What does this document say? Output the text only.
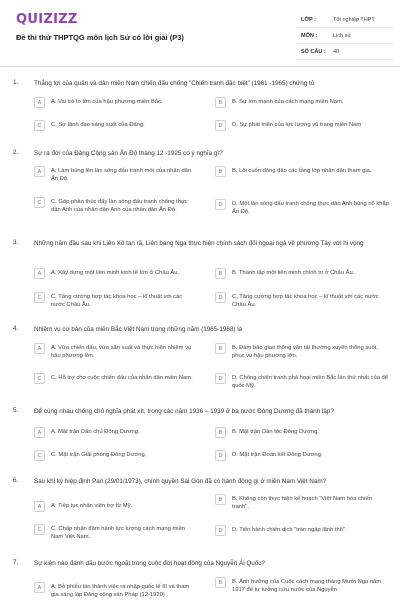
QUIZIZZ
Đề thi thử THPTQG môn lịch Sử có lời giải (P3)
LỚP :	Tốt nghiệp THPT
MÔN :	Lịch sử
SỐ CÂU :	40
1. Thắng lợi của quân và dân miền Nam chiến đấu chống "Chiến tranh đặc biệt" (1961 -1965) chứng tỏ
A	A. Vai trò to lớn của hậu phương miền Bắc.	B	B. Sự lớn mạnh của cách mạng miền Nam.
C	C. Sự lãnh đạo sáng suốt của Đảng.	D	D. Sự phát triển của lực lượng vũ trang miền Nam
2. Sự ra đời của Đảng Cộng sản Ấn Độ tháng 12 -1925 có ý nghĩa gì?
A	A. Làm bùng lên làn sóng đấu tranh mới của nhân dân Ấn Độ.
B	B. Lôi cuốn đông đảo các tầng lớp nhân dân tham gia.
C	C. Góp phần thúc đẩy làn sóng đấu tranh chống thực dân Anh của nhân dân Anh của nhân dân Ấn Độ.
D	D. Một làn sóng đấu tranh chống thực dân Anh bùng nổ khắp Ấn Độ.
3. Những năm đầu sau khi Liên Xô tan rã, Liên bang Nga thực hiện chính sách đối ngoại ngả về phương Tây với hi vọng
A	A. Xây dựng một liên minh kinh tế lớn ở Châu Âu.	B	B. Thành lập một liên minh chính trị ở Châu Âu.
C	C. Tăng cường hợp tác khoa học – kĩ thuật với các nước Châu Âu.
D	C. Tăng cường hợp tác khoa học – kĩ thuật với các nước Châu Âu.
4. Nhiệm vụ cơ bản của miền Bắc Việt Nam trong những năm (1965-1968) là
A	A. Vừa chiến đấu, vừa sản xuất và thực hiện nhiệm vụ hậu phương lớn.
B	B. Đảm bảo giao thông vận tải thường xuyên thông suốt, phục vụ hậu phương lớn.
C	C. Hỗ trợ cho cuộc chiến đấu của nhân dân miền Nam.	D	D. Chống chiến tranh phá hoại miền Bắc lần thứ nhất của để quốc Mỹ.
5. Để cùng nhau chống chủ nghĩa phát xít, trong các năm 1936 – 1939 ở ba nước Đông Dương đã thành lập?
A	A. Mặt trận Dân chủ Đông Dương.	B	B. Mặt trận Dân tộc Đông Dương.
C	C. Mặt trận Giải phóng Đông Dương.	D	D. Mặt trận Đoàn kết Đông Dương.
6. Sau khi ký hiệp định Pari (29/01/1973), chính quyền Sài Gòn đã có hành động gì ở miền Nam Việt Nam?
A	A. Tiếp tục nhận viện trợ từ Mỹ.
B	B. Không còn thực hiện kế hoạch "Việt Nam hóa chiến tranh".
C	C. Chấp nhận đàm hành lực lượng cách mạng miền Nam Việt Nam.
D	D. Tiến hành chiến dịch "tràn ngập lãnh thổ".
7. Sự kiện nào đánh dấu bước ngoặt trong cuộc đời hoạt động của Nguyễn Ái Quốc?
A	A. Bỏ phiếu tán thành việc ra nhập quốc tế III và tham gia sáng lập Đảng cộng sản Pháp (12-1920)
B	B. Ảnh hưởng của Cuộc cách mạng tháng Mười Nga năm 1917 để tư tưởng cứu nước của Nguyễn
